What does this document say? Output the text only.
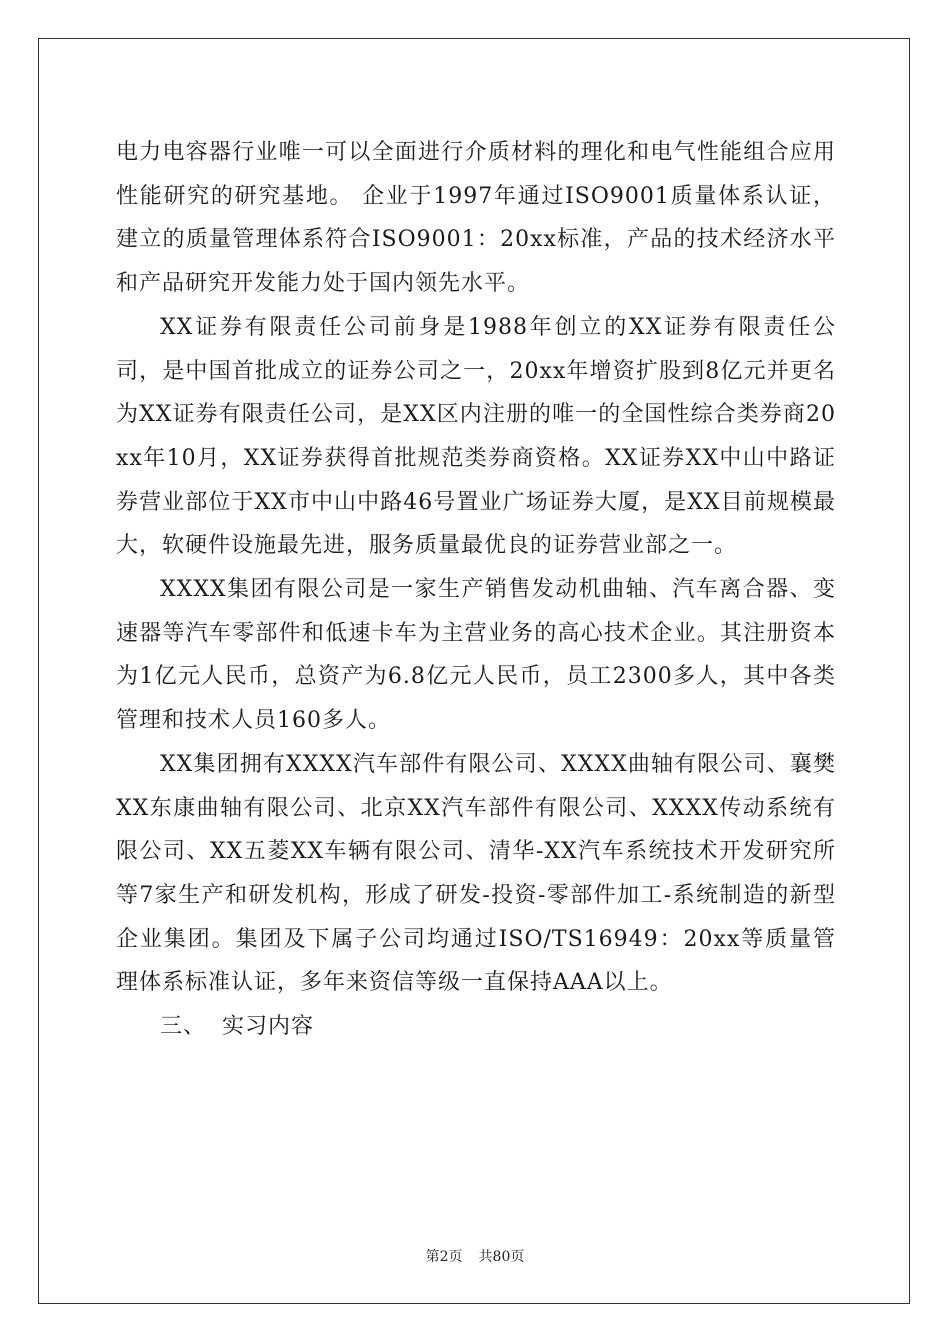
电力电容器行业唯一可以全面进行介质材料的理化和电气性能组合应用性能研究的研究基地。 企业于1997年通过ISO9001质量体系认证，建立的质量管理体系符合ISO9001：20xx标准，产品的技术经济水平和产品研究开发能力处于国内领先水平。

XX证券有限责任公司前身是1988年创立的XX证券有限责任公司，是中国首批成立的证券公司之一，20xx年增资扩股到8亿元并更名为XX证券有限责任公司，是XX区内注册的唯一的全国性综合类券商20xx年10月，XX证券获得首批规范类券商资格。XX证券XX中山中路证券营业部位于XX市中山中路46号置业广场证券大厦，是XX目前规模最大，软硬件设施最先进，服务质量最优良的证券营业部之一。

XXXX集团有限公司是一家生产销售发动机曲轴、汽车离合器、变速器等汽车零部件和低速卡车为主营业务的高心技术企业。其注册资本为1亿元人民币，总资产为6.8亿元人民币，员工2300多人，其中各类管理和技术人员160多人。

XX集团拥有XXXX汽车部件有限公司、XXXX曲轴有限公司、襄樊XX东康曲轴有限公司、北京XX汽车部件有限公司、XXXX传动系统有限公司、XX五菱XX车辆有限公司、清华-XX汽车系统技术开发研究所等7家生产和研发机构，形成了研发-投资-零部件加工-系统制造的新型企业集团。集团及下属子公司均通过ISO/TS16949：20xx等质量管理体系标准认证，多年来资信等级一直保持AAA以上。

三、 实习内容

第2页 共80页
